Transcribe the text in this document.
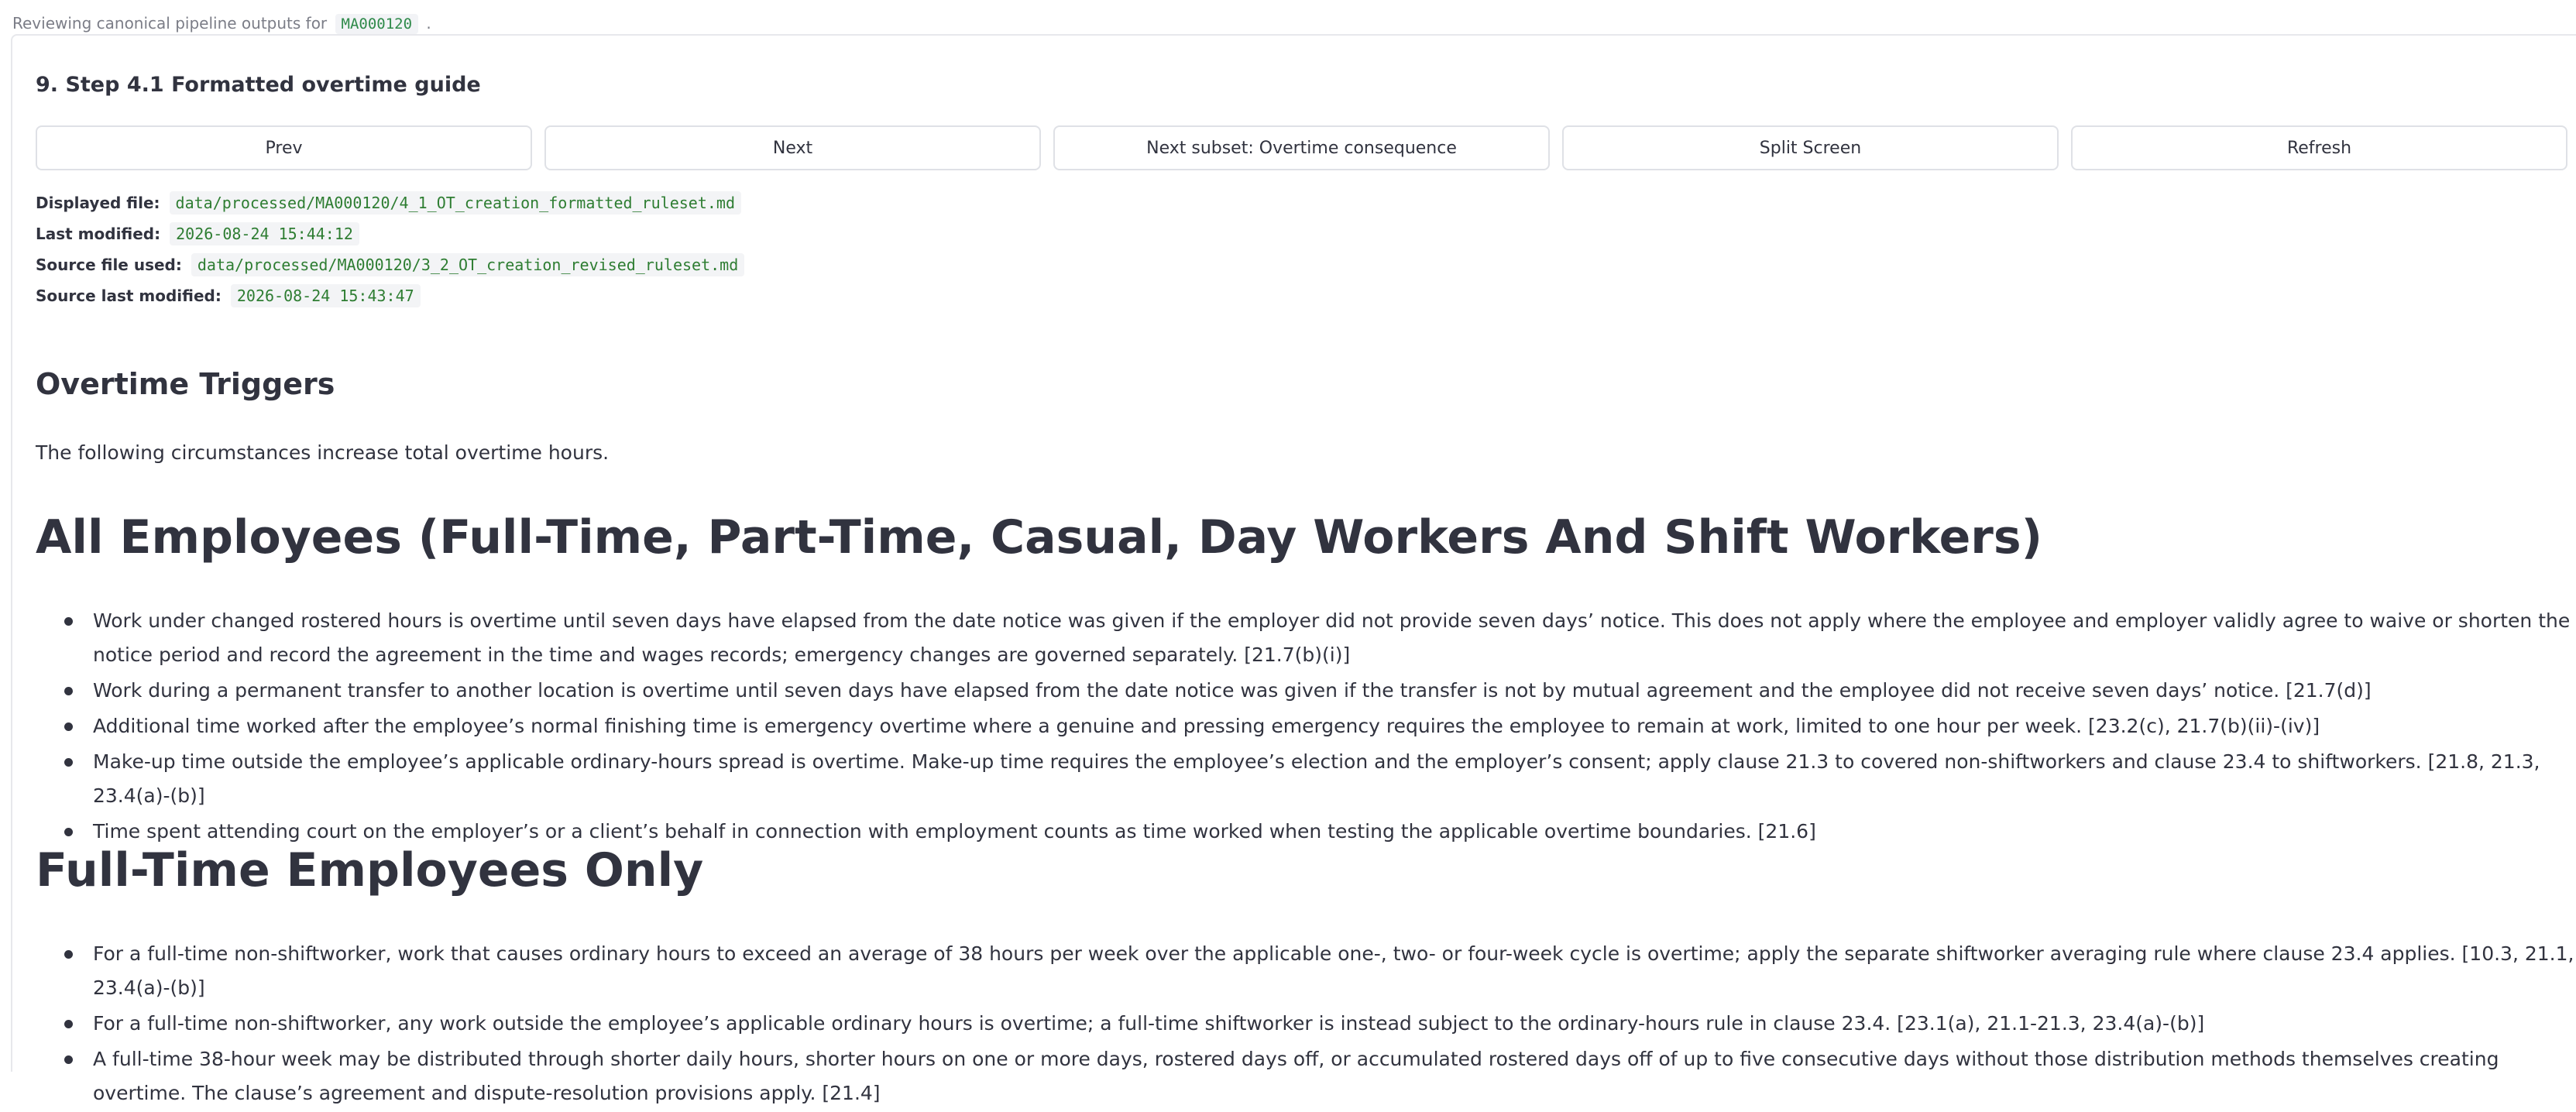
Reviewing canonical pipeline outputs for MA000120 .
9. Step 4.1 Formatted overtime guide
Prev	Next	Next subset: Overtime consequence	Split Screen	Refresh
Displayed file:	data/processed/MA000120/4_1_OT_creation_formatted_ruleset.md
Last modified:	2026-08-24 15:44:12
Source file used:	data/processed/MA000120/3_2_OT_creation_revised_ruleset.md
Source last modified:	2026-08-24 15:43:47
Overtime Triggers

The following circumstances increase total overtime hours.

All Employees (Full-Time, Part-Time, Casual, Day Workers And Shift Workers)
Work under changed rostered hours is overtime until seven days have elapsed from the date notice was given if the employer did not provide seven days’ notice. This does not apply where the employee and employer validly agree to waive or shorten the notice period and record the agreement in the time and wages records; emergency changes are governed separately. [21.7(b)(i)]
Work during a permanent transfer to another location is overtime until seven days have elapsed from the date notice was given if the transfer is not by mutual agreement and the employee did not receive seven days’ notice. [21.7(d)]
Additional time worked after the employee’s normal finishing time is emergency overtime where a genuine and pressing emergency requires the employee to remain at work, limited to one hour per week. [23.2(c), 21.7(b)(ii)-(iv)]
Make-up time outside the employee’s applicable ordinary-hours spread is overtime. Make-up time requires the employee’s election and the employer’s consent; apply clause 21.3 to covered non-shiftworkers and clause 23.4 to shiftworkers. [21.8, 21.3, 23.4(a)-(b)]
Time spent attending court on the employer’s or a client’s behalf in connection with employment counts as time worked when testing the applicable overtime boundaries. [21.6]
Full-Time Employees Only
For a full-time non-shiftworker, work that causes ordinary hours to exceed an average of 38 hours per week over the applicable one-, two- or four-week cycle is overtime; apply the separate shiftworker averaging rule where clause 23.4 applies. [10.3, 21.1, 23.4(a)-(b)]
For a full-time non-shiftworker, any work outside the employee’s applicable ordinary hours is overtime; a full-time shiftworker is instead subject to the ordinary-hours rule in clause 23.4. [23.1(a), 21.1-21.3, 23.4(a)-(b)]
A full-time 38-hour week may be distributed through shorter daily hours, shorter hours on one or more days, rostered days off, or accumulated rostered days off of up to five consecutive days without those distribution methods themselves creating overtime. The clause’s agreement and dispute-resolution provisions apply. [21.4]
